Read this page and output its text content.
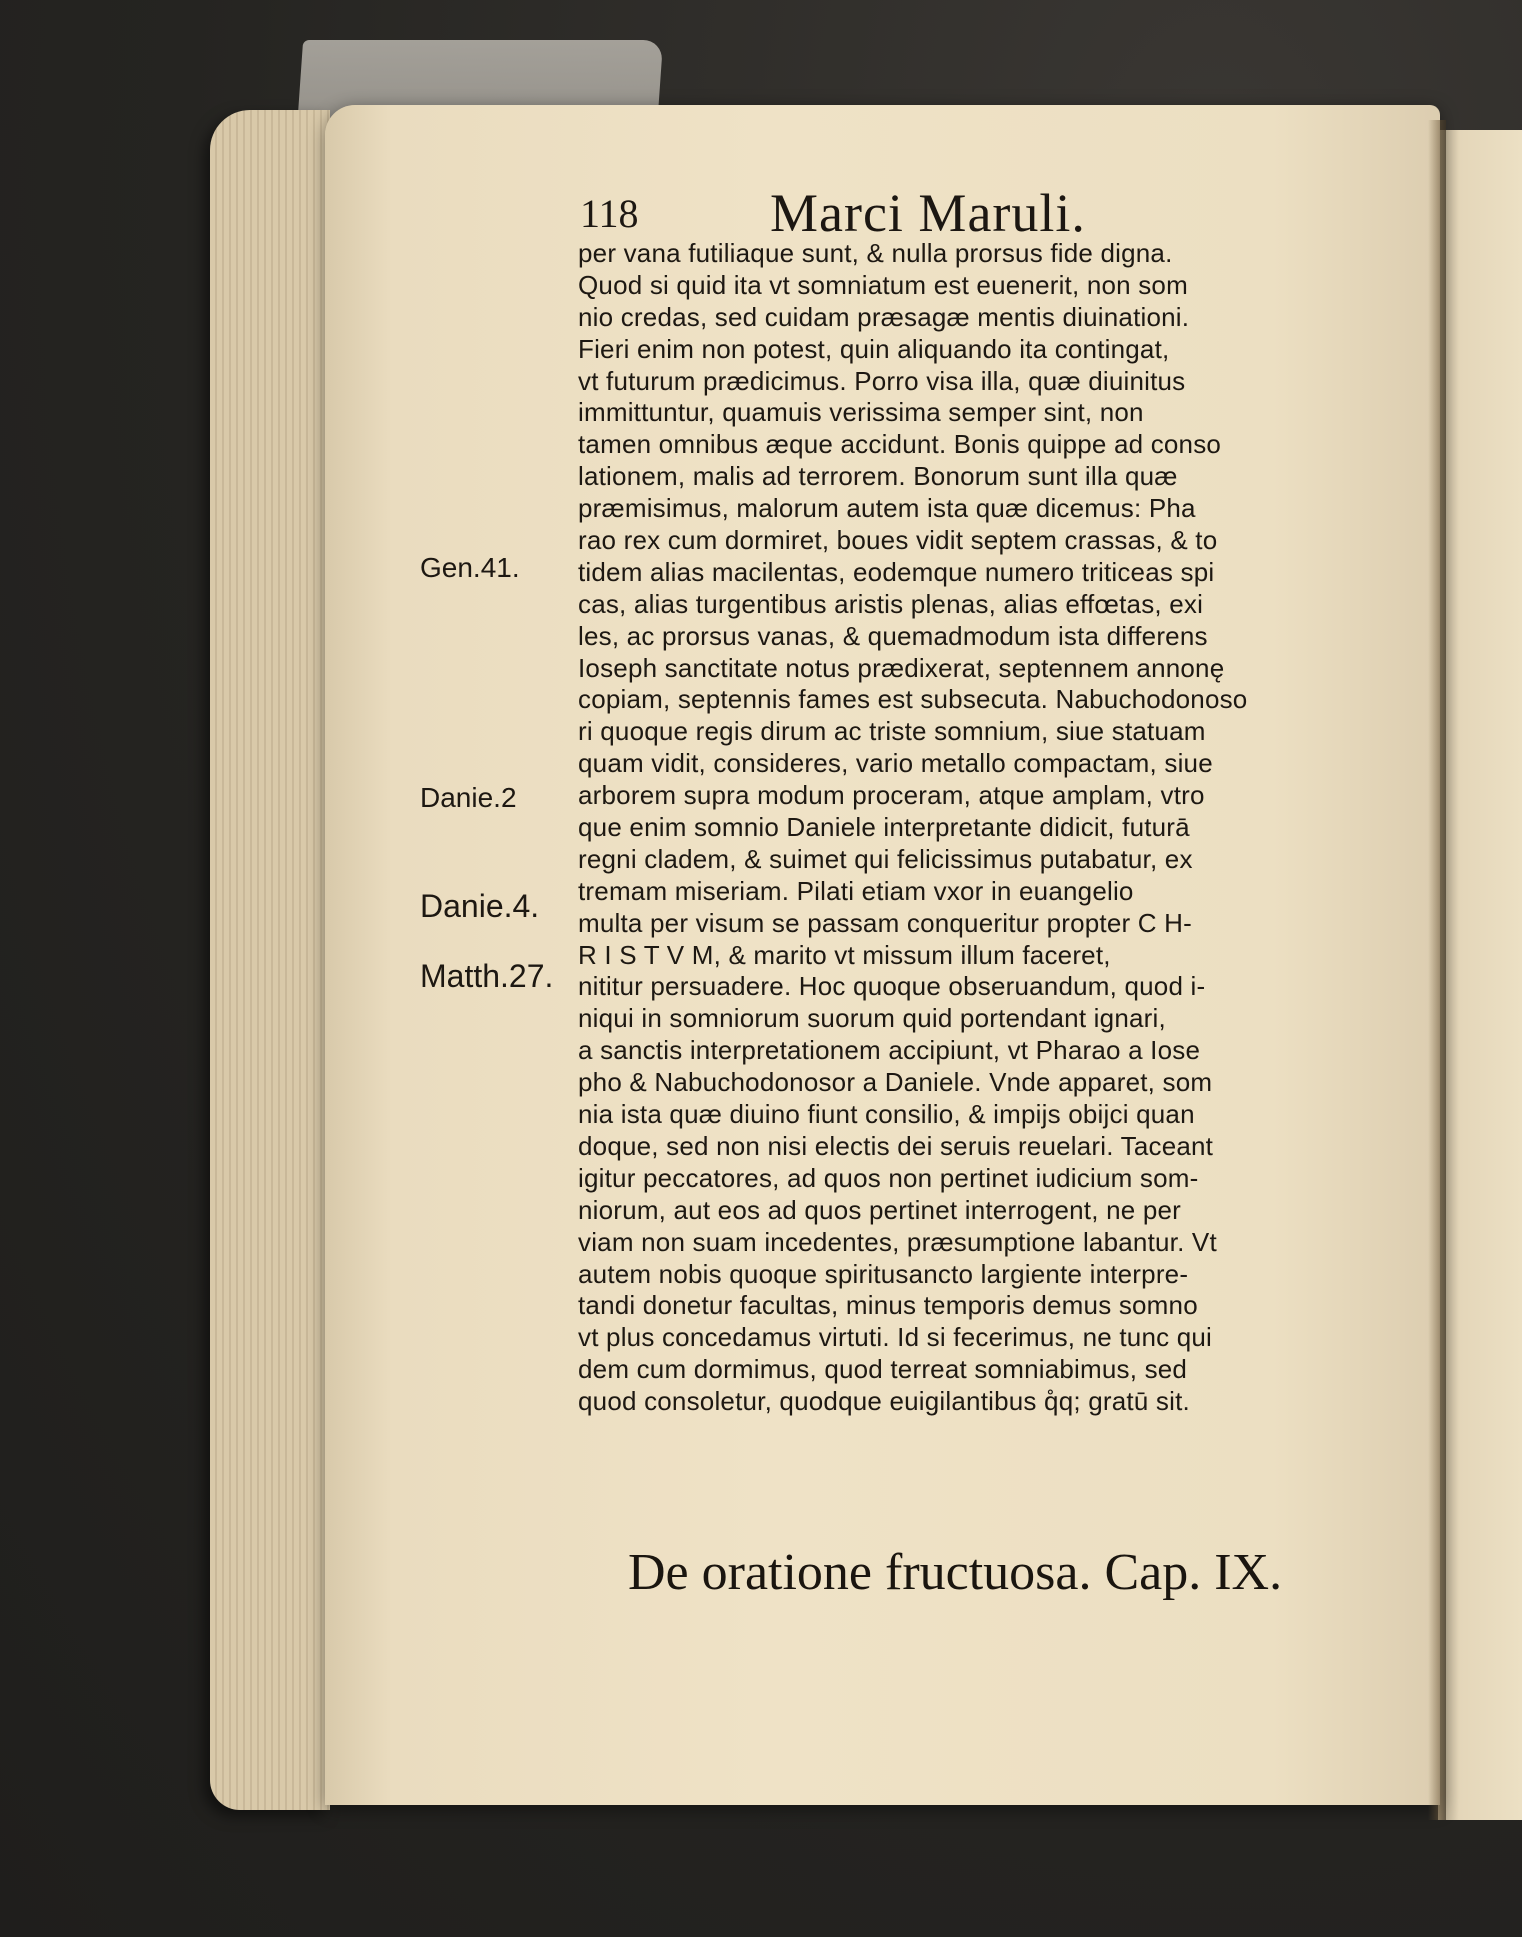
118 Marci Maruli.
Gen.41.
Danie.2
Danie.4.
Matth.27.
per vana futiliaque sunt, & nulla prorsus fide digna.
Quod si quid ita vt somniatum est euenerit, non som
nio credas, sed cuidam præsagæ mentis diuinationi.
Fieri enim non potest, quin aliquando ita contingat,
vt futurum prædicimus. Porro visa illa, quæ diuinitus
immittuntur, quamuis verissima semper sint, non
tamen omnibus æque accidunt. Bonis quippe ad conso
lationem, malis ad terrorem. Bonorum sunt illa quæ
præmisimus, malorum autem ista quæ dicemus: Pha
rao rex cum dormiret, boues vidit septem crassas, & to
tidem alias macilentas, eodemque numero triticeas spi
cas, alias turgentibus aristis plenas, alias effœtas, exi
les, ac prorsus vanas, & quemadmodum ista differens
Ioseph sanctitate notus prædixerat, septennem annonę
copiam, septennis fames est subsecuta. Nabuchodonoso
ri quoque regis dirum ac triste somnium, siue statuam
quam vidit, consideres, vario metallo compactam, siue
arborem supra modum proceram, atque amplam, vtro
que enim somnio Daniele interpretante didicit, futurā
regni cladem, & suimet qui felicissimus putabatur, ex
tremam miseriam. Pilati etiam vxor in euangelio
multa per visum se passam conqueritur propter C H-
R I S T V M, & marito vt missum illum faceret,
nititur persuadere. Hoc quoque obseruandum, quod i-
niqui in somniorum suorum quid portendant ignari,
a sanctis interpretationem accipiunt, vt Pharao a Iose
pho & Nabuchodonosor a Daniele. Vnde apparet, som
nia ista quæ diuino fiunt consilio, & impijs obijci quan
doque, sed non nisi electis dei seruis reuelari. Taceant
igitur peccatores, ad quos non pertinet iudicium som-
niorum, aut eos ad quos pertinet interrogent, ne per
viam non suam incedentes, præsumptione labantur. Vt
autem nobis quoque spiritusancto largiente interpre-
tandi donetur facultas, minus temporis demus somno
vt plus concedamus virtuti. Id si fecerimus, ne tunc qui
dem cum dormimus, quod terreat somniabimus, sed
quod consoletur, quodque euigilantibus q̊q; gratū sit.
De oratione fructuosa. Cap. IX.
